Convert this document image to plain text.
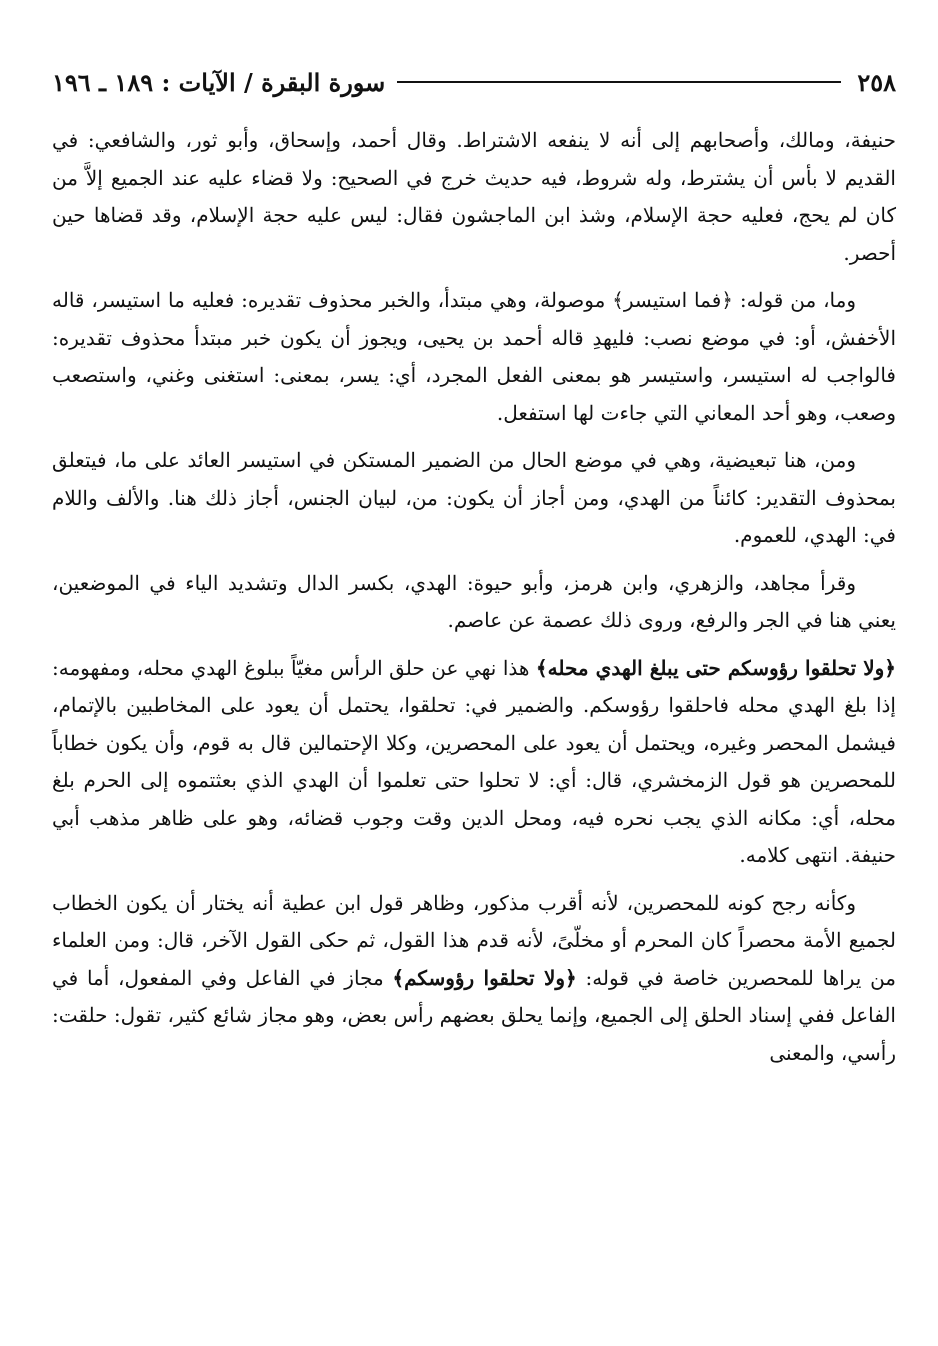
٢٥٨
سورة البقرة / الآيات : ١٨٩ ـ ١٩٦

حنيفة، ومالك، وأصحابهم إلى أنه لا ينفعه الاشتراط. وقال أحمد، وإسحاق، وأبو ثور، والشافعي: في القديم لا بأس أن يشترط، وله شروط، فيه حديث خرج في الصحيح: ولا قضاء عليه عند الجميع إلاَّ من كان لم يحج، فعليه حجة الإسلام، وشذ ابن الماجشون فقال: ليس عليه حجة الإسلام، وقد قضاها حين أحصر.

وما، من قوله: ﴿فما استيسر﴾ موصولة، وهي مبتدأ، والخبر محذوف تقديره: فعليه ما استيسر، قاله الأخفش، أو: في موضع نصب: فليهدِ قاله أحمد بن يحيى، ويجوز أن يكون خبر مبتدأ محذوف تقديره: فالواجب له استيسر، واستيسر هو بمعنى الفعل المجرد، أي: يسر، بمعنى: استغنى وغني، واستصعب وصعب، وهو أحد المعاني التي جاءت لها استفعل.

ومن، هنا تبعيضية، وهي في موضع الحال من الضمير المستكن في استيسر العائد على ما، فيتعلق بمحذوف التقدير: كائناً من الهدي، ومن أجاز أن يكون: من، لبيان الجنس، أجاز ذلك هنا. والألف واللام في: الهدي، للعموم.

وقرأ مجاهد، والزهري، وابن هرمز، وأبو حيوة: الهدي، بكسر الدال وتشديد الياء في الموضعين، يعني هنا في الجر والرفع، وروى ذلك عصمة عن عاصم.

﴿ولا تحلقوا رؤوسكم حتى يبلغ الهدي محله﴾ هذا نهي عن حلق الرأس مغيّاً ببلوغ الهدي محله، ومفهومه: إذا بلغ الهدي محله فاحلقوا رؤوسكم. والضمير في: تحلقوا، يحتمل أن يعود على المخاطبين بالإتمام، فيشمل المحصر وغيره، ويحتمل أن يعود على المحصرين، وكلا الإحتمالين قال به قوم، وأن يكون خطاباً للمحصرين هو قول الزمخشري، قال: أي: لا تحلوا حتى تعلموا أن الهدي الذي بعثتموه إلى الحرم بلغ محله، أي: مكانه الذي يجب نحره فيه، ومحل الدين وقت وجوب قضائه، وهو على ظاهر مذهب أبي حنيفة. انتهى كلامه.

وكأنه رجح كونه للمحصرين، لأنه أقرب مذكور، وظاهر قول ابن عطية أنه يختار أن يكون الخطاب لجميع الأمة محصراً كان المحرم أو مخلّىً، لأنه قدم هذا القول، ثم حكى القول الآخر، قال: ومن العلماء من يراها للمحصرين خاصة في قوله: ﴿ولا تحلقوا رؤوسكم﴾ مجاز في الفاعل وفي المفعول، أما في الفاعل ففي إسناد الحلق إلى الجميع، وإنما يحلق بعضهم رأس بعض، وهو مجاز شائع كثير، تقول: حلقت: رأسي، والمعنى
